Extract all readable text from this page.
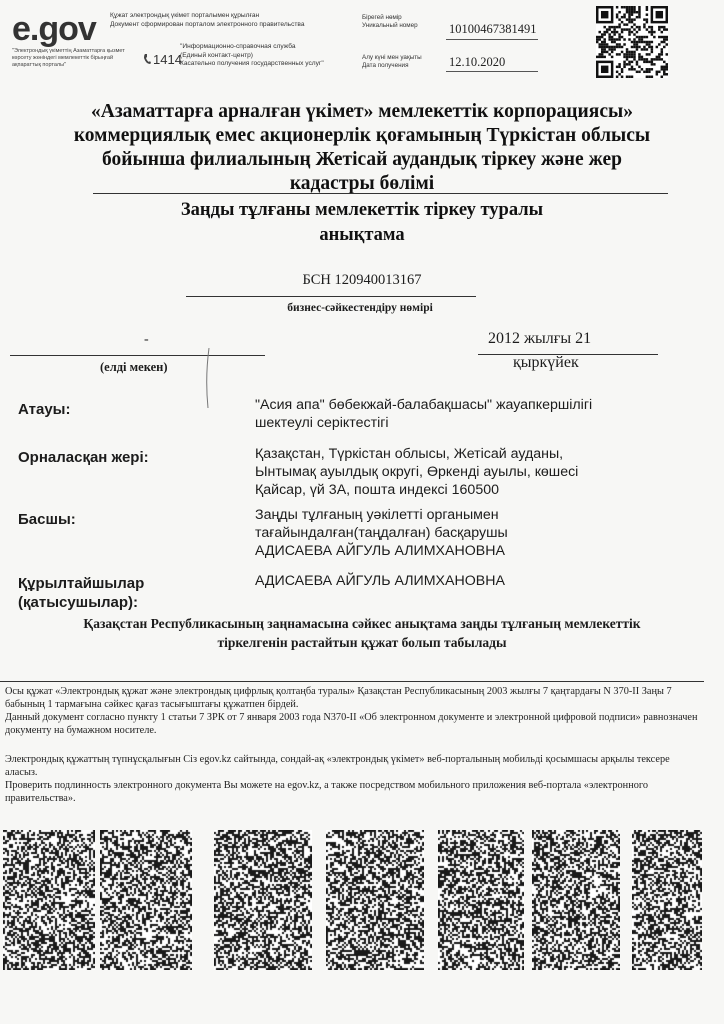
e.gov
"Электрондық үкіметтің Азаматтарға қызмет көрсету жөніндегі мемлекеттік бірыңғай
ақпараттық порталы"
Құжат электрондық үкімет порталымен құрылған
Документ сформирован порталом электронного правительства
"Информационно-справочная служба
(Единый контакт-центр)
Касательно получения государственных услуг"
1414
Бірегей нөмір
Уникальный номер	10100467381491
Алу күні мен уақыты
Дата получения	12.10.2020
«Азаматтарға арналған үкімет» мемлекеттік корпорациясы»
коммерциялық емес акционерлік қоғамының Түркістан облысы
бойынша филиалының Жетісай аудандық тіркеу және жер
кадастры бөлімі
Заңды тұлғаны мемлекеттік тіркеу туралы
анықтама
БСН 120940013167
бизнес-сәйкестендіру нөмірі
-
(елді мекен)
2012 жылғы 21
қыркүйек
Атауы:	"Асия апа" бөбекжай-балабақшасы" жауапкершілігі
шектеулі серіктестігі
Орналасқан жері:	Қазақстан, Түркістан облысы, Жетісай ауданы,
Ынтымақ ауылдық округі, Өркенді ауылы, көшесі
Қайсар, үй 3А, пошта индексі 160500
Басшы:	Заңды тұлғаның уәкілетті органымен
тағайындалған(таңдалған) басқарушы
АДИСАЕВА АЙГУЛЬ АЛИМХАНОВНА
Құрылтайшылар
(қатысушылар):
АДИСАЕВА АЙГУЛЬ АЛИМХАНОВНА
Қазақстан Республикасының заңнамасына сәйкес анықтама заңды тұлғаның мемлекеттік
тіркелгенін растайтын құжат болып табылады
Осы құжат «Электрондық құжат және электрондық цифрлық қолтаңба туралы» Қазақстан Республикасының 2003 жылғы 7 қаңтардағы N 370-II Заңы 7 бабының 1 тармағына сәйкес қағаз тасығыштағы құжатпен бірдей.
Данный документ согласно пункту 1 статьи 7 ЗРК от 7 января 2003 года N370-II «Об электронном документе и электронной цифровой подписи» равнозначен документу на бумажном носителе.
Электрондық құжаттың түпнұсқалығын Сіз egov.kz сайтында, сондай-ақ «электрондық үкімет» веб-порталының мобильді қосымшасы арқылы тексере аласыз.
Проверить подлинность электронного документа Вы можете на egov.kz, а также посредством мобильного приложения веб-портала «электронного правительства».
